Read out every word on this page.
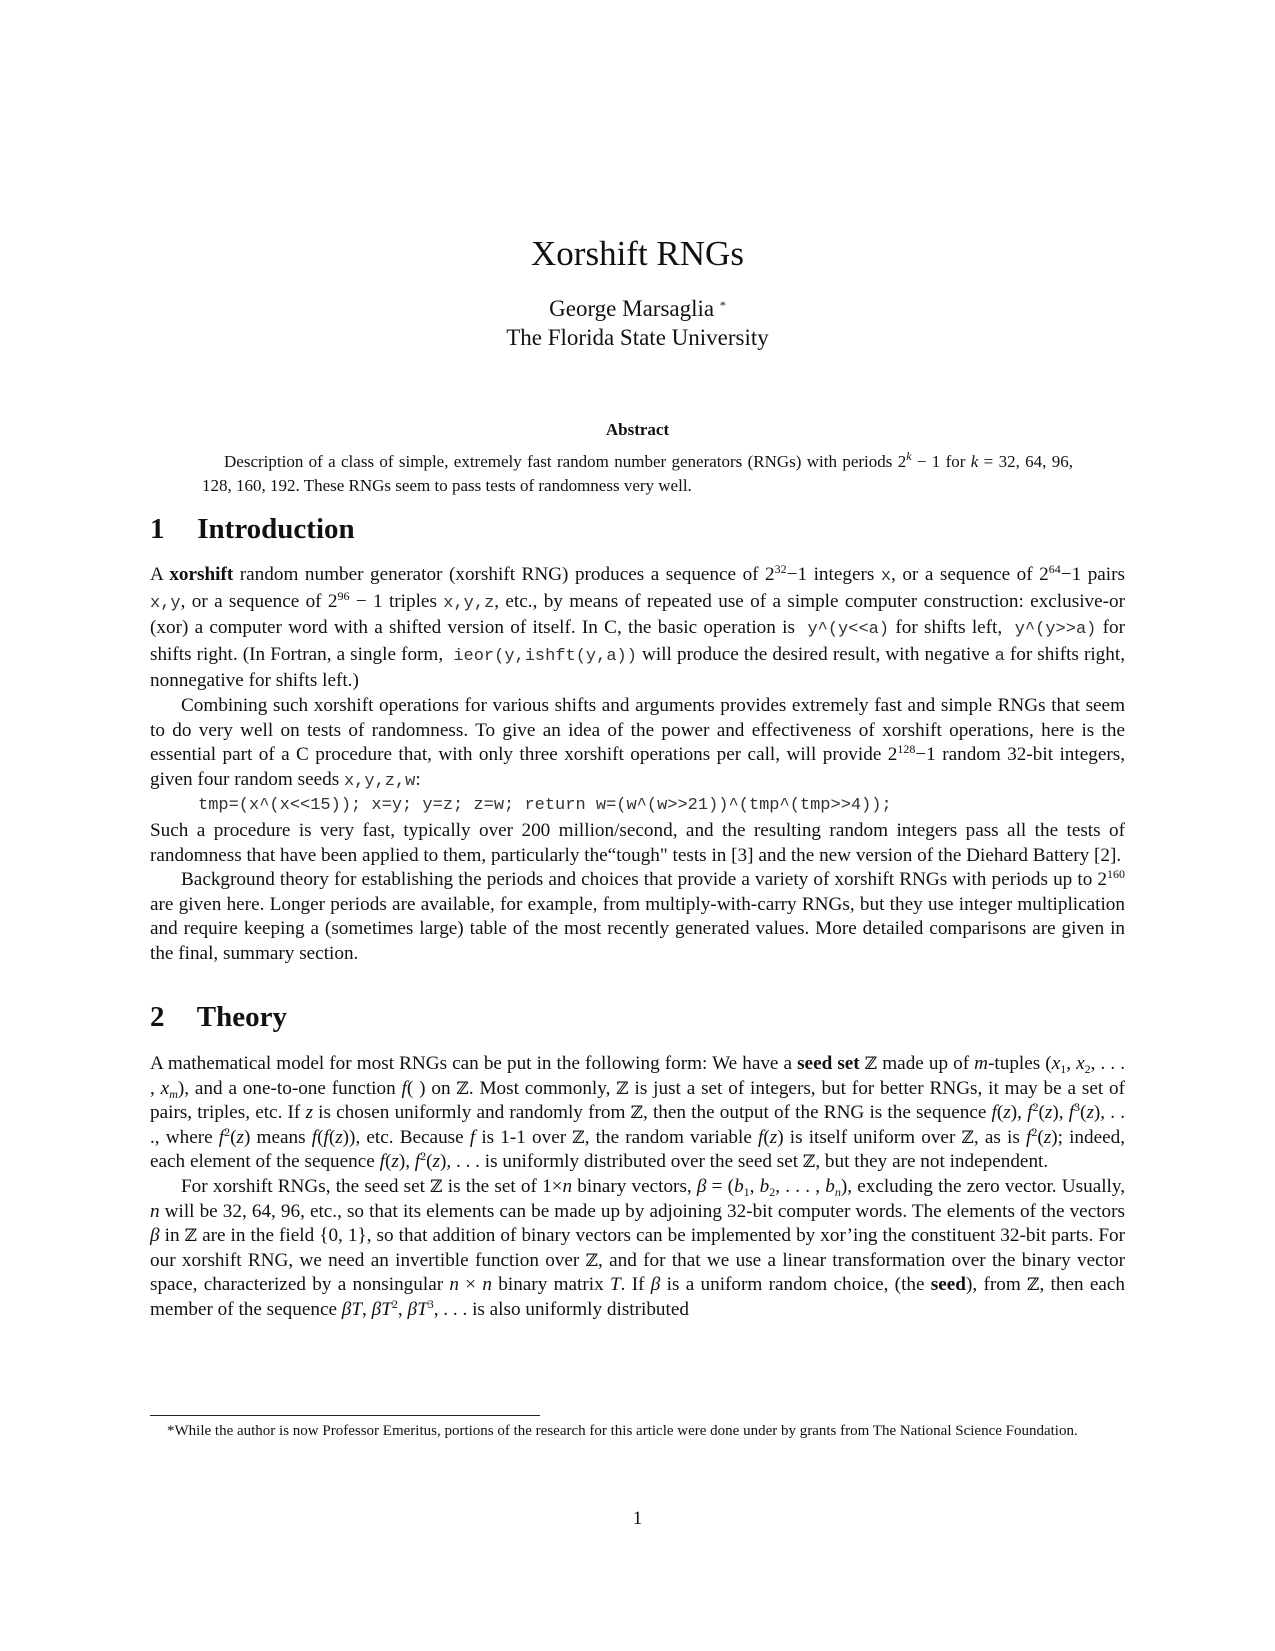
Xorshift RNGs
George Marsaglia *
The Florida State University
Abstract
Description of a class of simple, extremely fast random number generators (RNGs) with periods $2^k - 1$ for k = 32, 64, 96, 128, 160, 192. These RNGs seem to pass tests of randomness very well.
1 Introduction

A xorshift random number generator (xorshift RNG) produces a sequence of $2^{32}-1$ integers x, or a sequence of $2^{64}-1$ pairs x,y, or a sequence of $2^{96} - 1$ triples x,y,z, etc., by means of repeated use of a simple computer construction: exclusive-or (xor) a computer word with a shifted version of itself. In C, the basic operation is  y^(y<<a) for shifts left,  y^(y>>a) for shifts right. (In Fortran, a single form,  ieor(y,ishft(y,a)) will produce the desired result, with negative a for shifts right, nonnegative for shifts left.)

Combining such xorshift operations for various shifts and arguments provides extremely fast and simple RNGs that seem to do very well on tests of randomness. To give an idea of the power and effectiveness of xorshift operations, here is the essential part of a C procedure that, with only three xorshift operations per call, will provide $2^{128}-1$ random 32-bit integers, given four random seeds x,y,z,w:

tmp=(x^(x<<15)); x=y; y=z; z=w; return w=(w^(w>>21))^(tmp^(tmp>>4));

Such a procedure is very fast, typically over 200 million/second, and the resulting random integers pass all the tests of randomness that have been applied to them, particularly the“tough" tests in [3] and the new version of the Diehard Battery [2].

Background theory for establishing the periods and choices that provide a variety of xorshift RNGs with periods up to $2^{160}$ are given here. Longer periods are available, for example, from multiply-with-carry RNGs, but they use integer multiplication and require keeping a (sometimes large) table of the most recently generated values. More detailed comparisons are given in the final, summary section.

2 Theory

A mathematical model for most RNGs can be put in the following form: We have a seed set ℤ made up of m-tuples ($x_1$, $x_2$, . . . , $x_m$), and a one-to-one function f( ) on ℤ. Most commonly, ℤ is just a set of integers, but for better RNGs, it may be a set of pairs, triples, etc. If z is chosen uniformly and randomly from ℤ, then the output of the RNG is the sequence f(z), $f^2(z)$, $f^3(z)$, . . ., where $f^2(z)$ means f(f(z)), etc. Because f is 1-1 over ℤ, the random variable f(z) is itself uniform over ℤ, as is $f^2(z)$; indeed, each element of the sequence f(z), $f^2(z)$, . . . is uniformly distributed over the seed set ℤ, but they are not independent.

For xorshift RNGs, the seed set ℤ is the set of 1×n binary vectors, $\beta = (b_1$, $b_2$, . . . , $b_n$), excluding the zero vector. Usually, n will be 32, 64, 96, etc., so that its elements can be made up by adjoining 32-bit computer words. The elements of the vectors β in ℤ are in the field {0, 1}, so that addition of binary vectors can be implemented by xor’ing the constituent 32-bit parts. For our xorshift RNG, we need an invertible function over ℤ, and for that we use a linear transformation over the binary vector space, characterized by a nonsingular n × n binary matrix T. If β is a uniform random choice, (the seed), from ℤ, then each member of the sequence βT, $\beta T^2$, $\beta T^3$, . . . is also uniformly distributed

*While the author is now Professor Emeritus, portions of the research for this article were done under by grants from The National Science Foundation.
1
